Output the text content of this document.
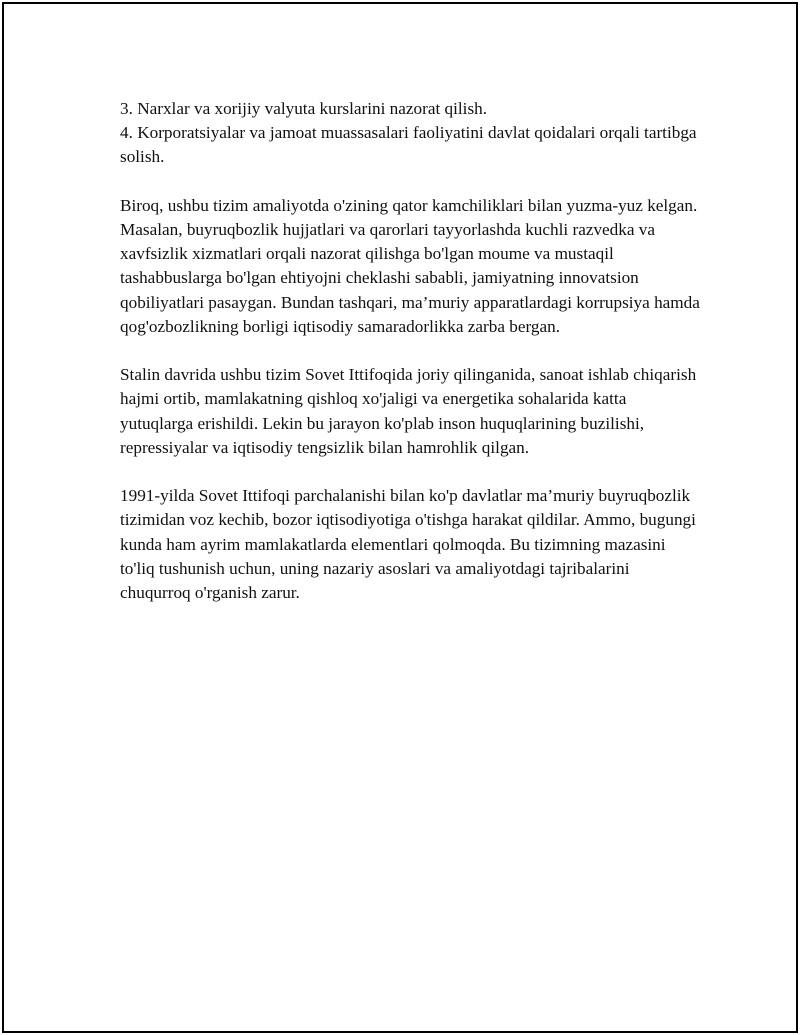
3. Narxlar va xorijiy valyuta kurslarini nazorat qilish.

4. Korporatsiyalar va jamoat muassasalari faoliyatini davlat qoidalari orqali tartibga solish.

Biroq, ushbu tizim amaliyotda o'zining qator kamchiliklari bilan yuzma-yuz kelgan. Masalan, buyruqbozlik hujjatlari va qarorlari tayyorlashda kuchli razvedka va xavfsizlik xizmatlari orqali nazorat qilishga bo'lgan moume va mustaqil tashabbuslarga bo'lgan ehtiyojni cheklashi sababli, jamiyatning innovatsion qobiliyatlari pasaygan. Bundan tashqari, ma’muriy apparatlardagi korrupsiya hamda qog'ozbozlikning borligi iqtisodiy samaradorlikka zarba bergan.

Stalin davrida ushbu tizim Sovet Ittifoqida joriy qilinganida, sanoat ishlab chiqarish hajmi ortib, mamlakatning qishloq xo'jaligi va energetika sohalarida katta yutuqlarga erishildi. Lekin bu jarayon ko'plab inson huquqlarining buzilishi, repressiyalar va iqtisodiy tengsizlik bilan hamrohlik qilgan.

1991-yilda Sovet Ittifoqi parchalanishi bilan ko'p davlatlar ma’muriy buyruqbozlik tizimidan voz kechib, bozor iqtisodiyotiga o'tishga harakat qildilar. Ammo, bugungi kunda ham ayrim mamlakatlarda elementlari qolmoqda. Bu tizimning mazasini to'liq tushunish uchun, uning nazariy asoslari va amaliyotdagi tajribalarini chuqurroq o'rganish zarur.
